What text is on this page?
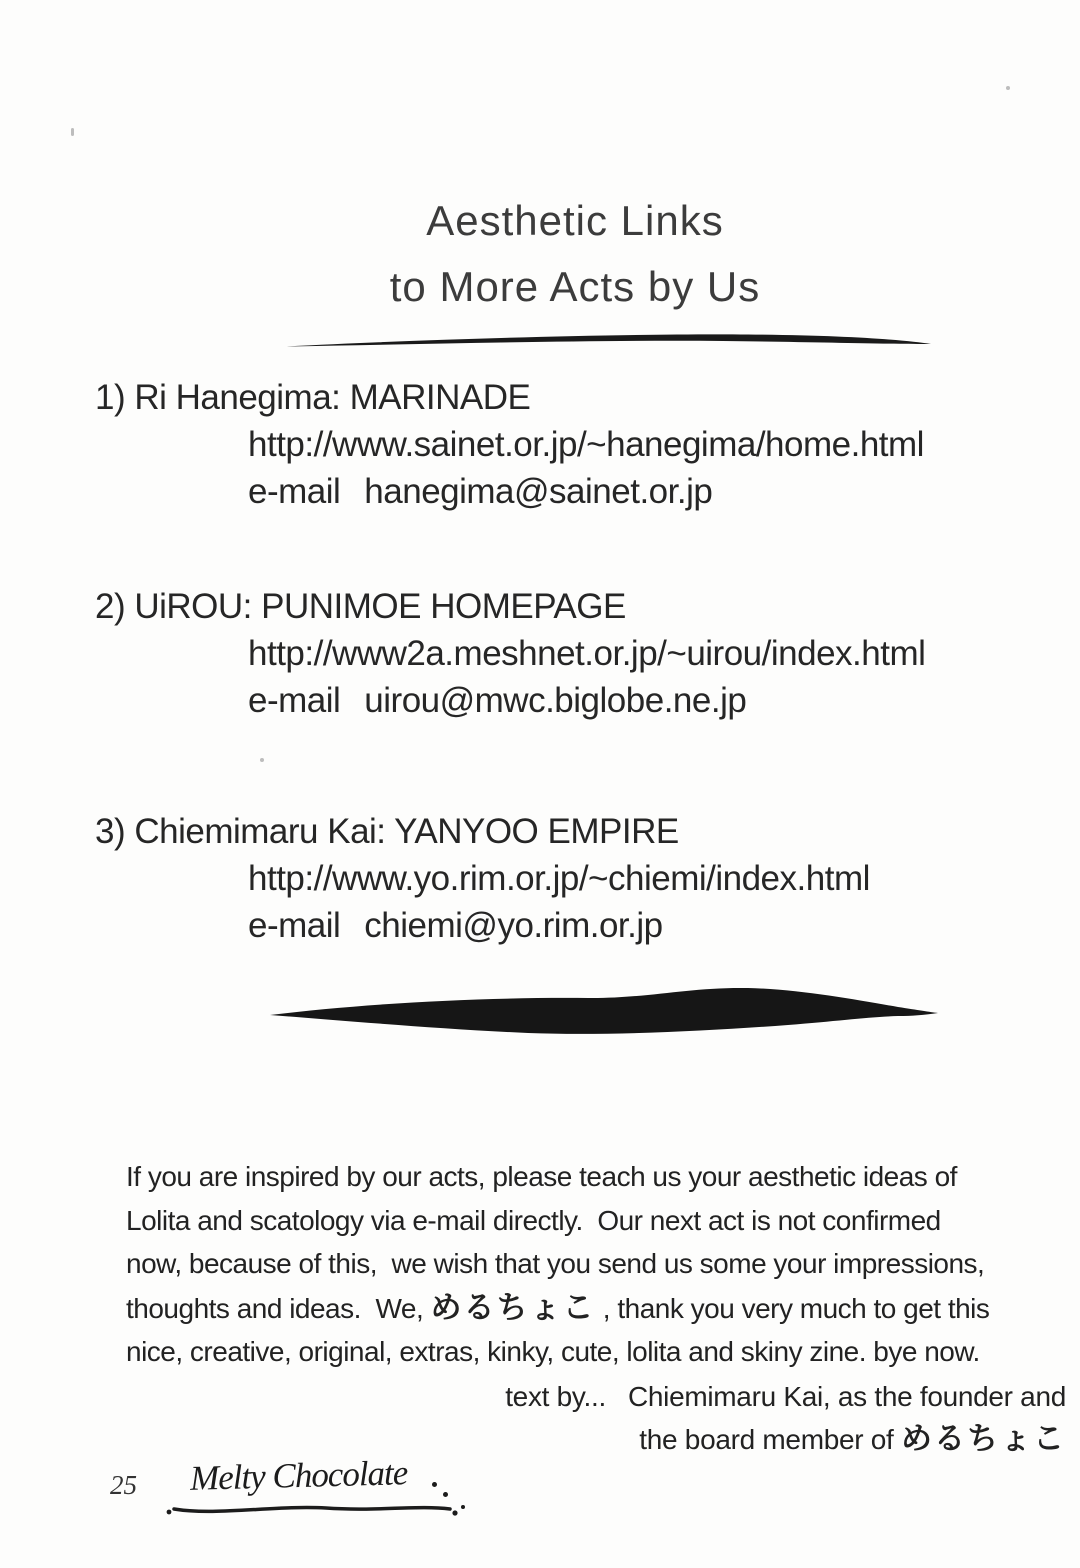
Aesthetic Links
to More Acts by Us
1) Ri Hanegima: MARINADE
http://www.sainet.or.jp/~hanegima/home.html
e-mail hanegima@sainet.or.jp
2) UiROU: PUNIMOE HOMEPAGE
http://www2a.meshnet.or.jp/~uirou/index.html
e-mail uirou@mwc.biglobe.ne.jp
3) Chiemimaru Kai: YANYOO EMPIRE
http://www.yo.rim.or.jp/~chiemi/index.html
e-mail chiemi@yo.rim.or.jp
If you are inspired by our acts, please teach us your aesthetic ideas of
Lolita and scatology via e-mail directly.  Our next act is not confirmed
now, because of this,  we wish that you send us some your impressions,
thoughts and ideas.  We, めるちょこ , thank you very much to get this
nice, creative, original, extras, kinky, cute, lolita and skiny zine. bye now.
text by... Chiemimaru Kai, as the founder and
the board member of めるちょこ
25 Melty Chocolate
